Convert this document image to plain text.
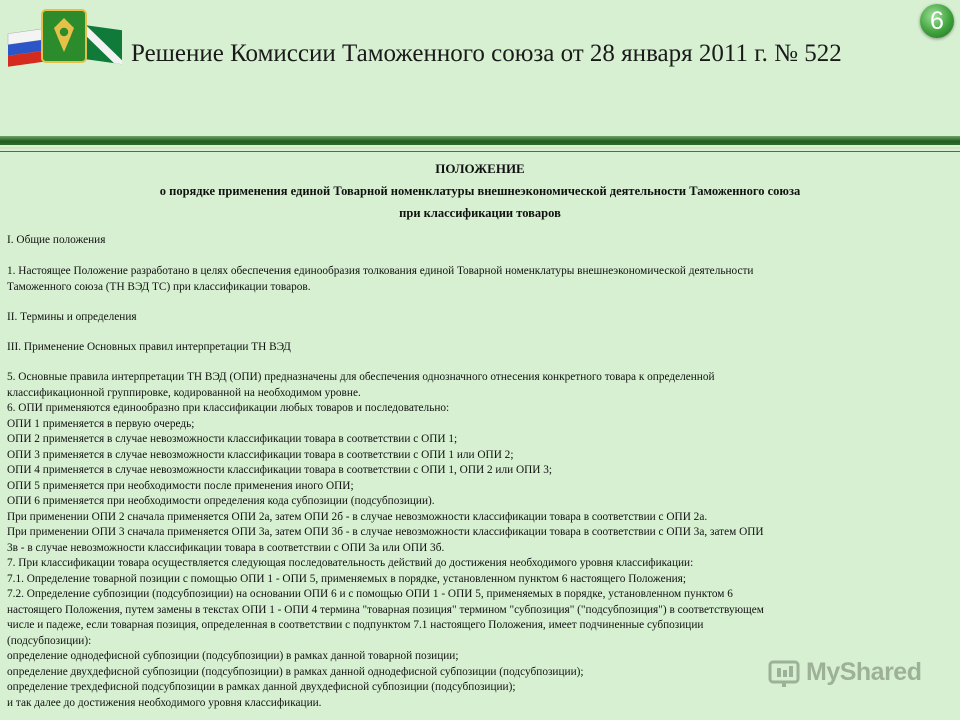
Решение Комиссии Таможенного союза от 28 января 2011 г. № 522
6
ПОЛОЖЕНИЕ
о порядке применения единой Товарной номенклатуры внешнеэкономической деятельности Таможенного союза
при классификации товаров
I. Общие положения

1. Настоящее Положение разработано в целях обеспечения единообразия толкования единой Товарной номенклатуры внешнеэкономической деятельности

Таможенного союза (ТН ВЭД ТС) при классификации товаров.

II. Термины и определения
III. Применение Основных правил интерпретации ТН ВЭД

5. Основные правила интерпретации ТН ВЭД (ОПИ) предназначены для обеспечения однозначного отнесения конкретного товара к определенной

классификационной группировке, кодированной на необходимом уровне.

6. ОПИ применяются единообразно при классификации любых товаров и последовательно:

ОПИ 1 применяется в первую очередь;

ОПИ 2 применяется в случае невозможности классификации товара в соответствии с ОПИ 1;

ОПИ 3 применяется в случае невозможности классификации товара в соответствии с ОПИ 1 или ОПИ 2;

ОПИ 4 применяется в случае невозможности классификации товара в соответствии с ОПИ 1, ОПИ 2 или ОПИ 3;

ОПИ 5 применяется при необходимости после применения иного ОПИ;

ОПИ 6 применяется при необходимости определения кода субпозиции (подсубпозиции).

При применении ОПИ 2 сначала применяется ОПИ 2а, затем ОПИ 2б - в случае невозможности классификации товара в соответствии с ОПИ 2а.

При применении ОПИ 3 сначала применяется ОПИ 3а, затем ОПИ 3б - в случае невозможности классификации товара в соответствии с ОПИ 3а, затем ОПИ

3в - в случае невозможности классификации товара в соответствии с ОПИ 3а или ОПИ 3б.

7. При классификации товара осуществляется следующая последовательность действий до достижения необходимого уровня классификации:

7.1. Определение товарной позиции с помощью ОПИ 1 - ОПИ 5, применяемых в порядке, установленном пунктом 6 настоящего Положения;

7.2. Определение субпозиции (подсубпозиции) на основании ОПИ 6 и с помощью ОПИ 1 - ОПИ 5, применяемых в порядке, установленном пунктом 6

настоящего Положения, путем замены в текстах ОПИ 1 - ОПИ 4 термина "товарная позиция" термином "субпозиция" ("подсубпозиция") в соответствующем

числе и падеже, если товарная позиция, определенная в соответствии с подпунктом 7.1 настоящего Положения, имеет подчиненные субпозиции

(подсубпозиции):

определение однодефисной субпозиции (подсубпозиции) в рамках данной товарной позиции;

определение двухдефисной субпозиции (подсубпозиции) в рамках данной однодефисной субпозиции (подсубпозиции);

определение трехдефисной подсубпозиции в рамках данной двухдефисной субпозиции (подсубпозиции);

и так далее до достижения необходимого уровня классификации.

MyShared
